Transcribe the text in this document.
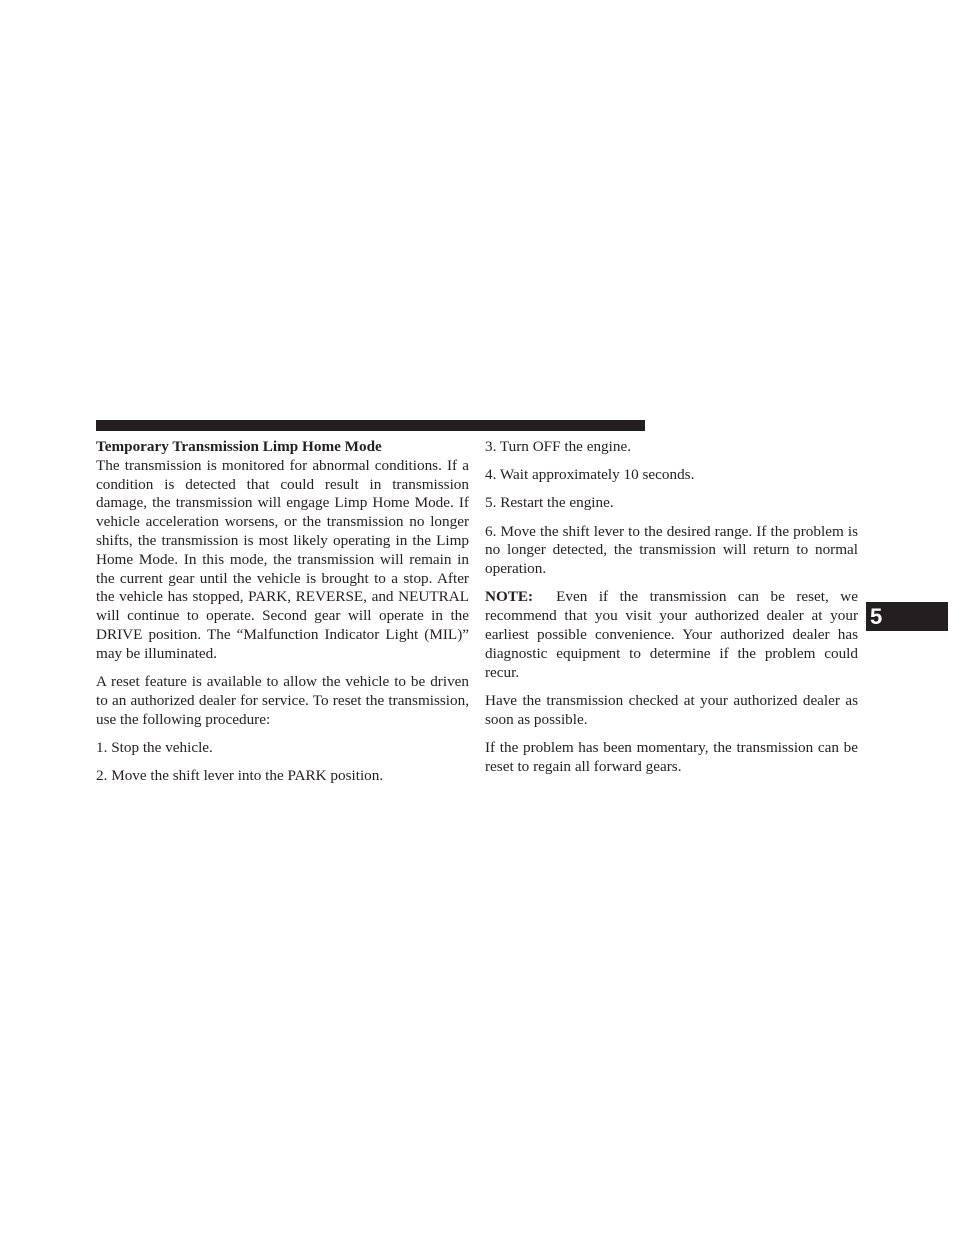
Temporary Transmission Limp Home Mode
The transmission is monitored for abnormal conditions. If a condition is detected that could result in transmission damage, the transmission will engage Limp Home Mode. If vehicle acceleration worsens, or the transmission no longer shifts, the transmission is most likely operating in the Limp Home Mode. In this mode, the transmission will remain in the current gear until the vehicle is brought to a stop. After the vehicle has stopped, PARK, REVERSE, and NEUTRAL will continue to operate. Second gear will operate in the DRIVE position. The “Malfunction Indicator Light (MIL)” may be illuminated.

A reset feature is available to allow the vehicle to be driven to an authorized dealer for service. To reset the transmission, use the following procedure:

1. Stop the vehicle.

2. Move the shift lever into the PARK position.

3. Turn OFF the engine.

4. Wait approximately 10 seconds.

5. Restart the engine.

6. Move the shift lever to the desired range. If the problem is no longer detected, the transmission will return to normal operation.

NOTE: Even if the transmission can be reset, we recommend that you visit your authorized dealer at your earliest possible convenience. Your authorized dealer has diagnostic equipment to determine if the problem could recur.

Have the transmission checked at your authorized dealer as soon as possible.

If the problem has been momentary, the transmission can be reset to regain all forward gears.

5
